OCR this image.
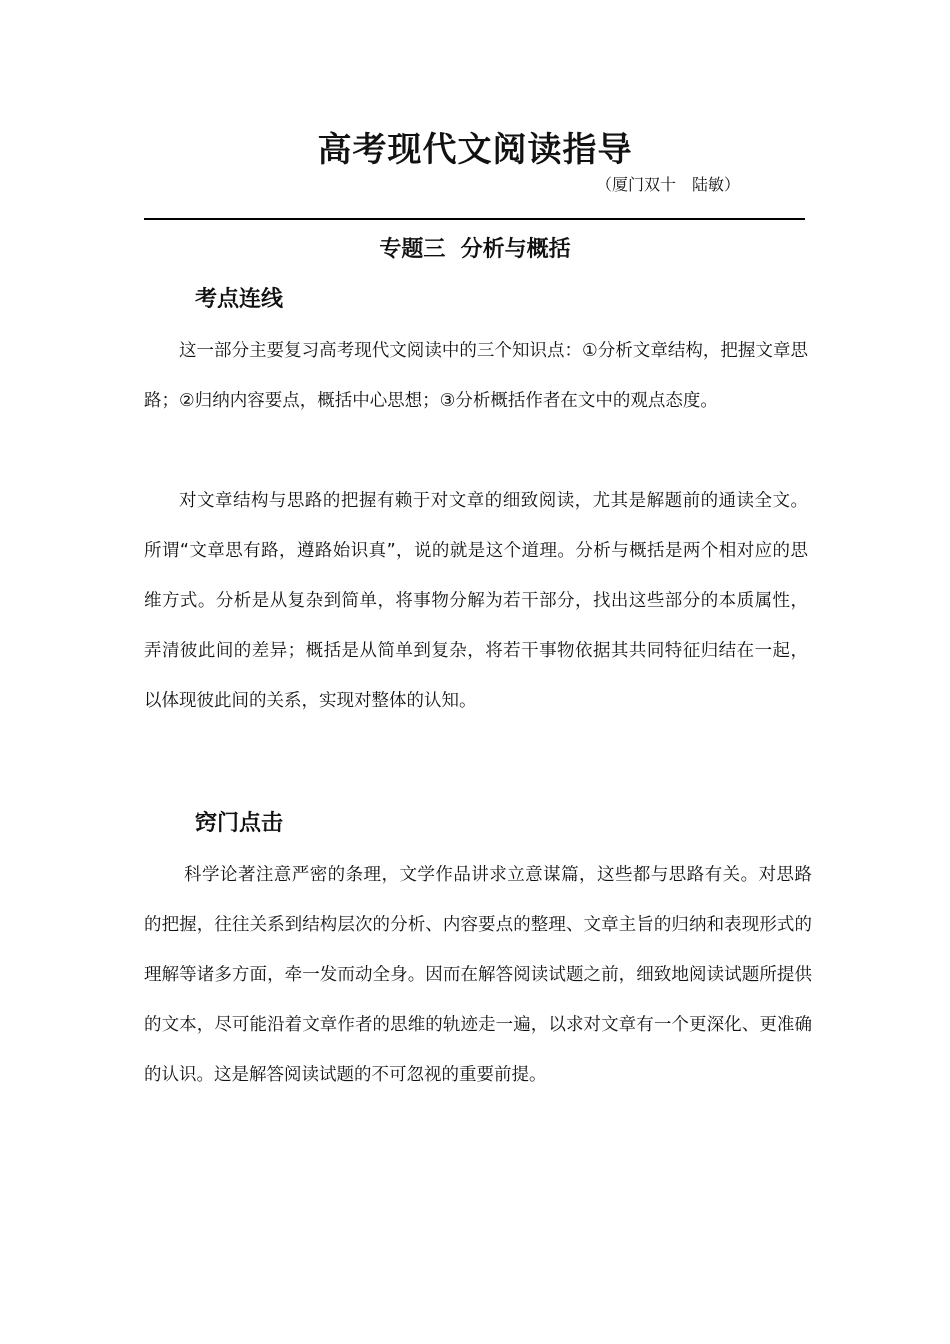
高考现代文阅读指导
（厦门双十　陆敏）
专题三  分析与概括
考点连线

这一部分主要复习高考现代文阅读中的三个知识点：①分析文章结构，把握文章思路；②归纳内容要点，概括中心思想；③分析概括作者在文中的观点态度。

对文章结构与思路的把握有赖于对文章的细致阅读，尤其是解题前的通读全文。所谓“文章思有路，遵路始识真”，说的就是这个道理。分析与概括是两个相对应的思维方式。分析是从复杂到简单，将事物分解为若干部分，找出这些部分的本质属性，弄清彼此间的差异；概括是从简单到复杂，将若干事物依据其共同特征归结在一起，以体现彼此间的关系，实现对整体的认知。

窍门点击

科学论著注意严密的条理，文学作品讲求立意谋篇，这些都与思路有关。对思路的把握，往往关系到结构层次的分析、内容要点的整理、文章主旨的归纳和表现形式的理解等诸多方面，牵一发而动全身。因而在解答阅读试题之前，细致地阅读试题所提供的文本，尽可能沿着文章作者的思维的轨迹走一遍，以求对文章有一个更深化、更准确的认识。这是解答阅读试题的不可忽视的重要前提。
